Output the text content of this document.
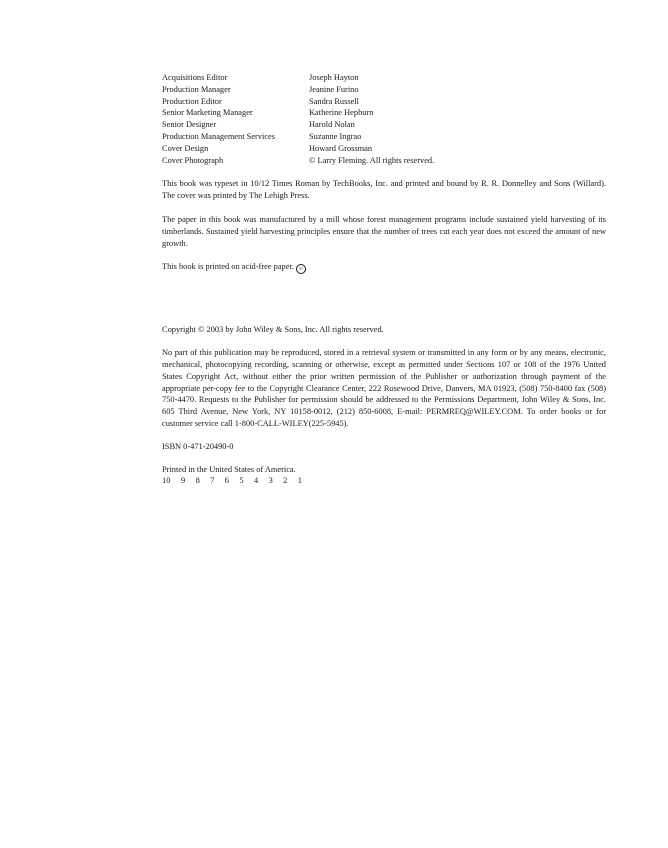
Acquisitions Editor	Joseph Hayton
Production Manager	Jeanine Furino
Production Editor	Sandra Russell
Senior Marketing Manager	Katherine Hepburn
Senior Designer	Harold Nolan
Production Management Services	Suzanne Ingrao
Cover Design	Howard Grossman
Cover Photograph	© Larry Fleming. All rights reserved.

This book was typeset in 10/12 Times Roman by TechBooks, Inc. and printed and bound by R. R. Donnelley and Sons (Willard). The cover was printed by The Lehigh Press.

The paper in this book was manufactured by a mill whose forest management programs include sustained yield harvesting of its timberlands. Sustained yield harvesting principles ensure that the number of trees cut each year does not exceed the amount of new growth.

This book is printed on acid-free paper. ∞

Copyright © 2003 by John Wiley & Sons, Inc. All rights reserved.

No part of this publication may be reproduced, stored in a retrieval system or transmitted in any form or by any means, electronic, mechanical, photocopying recording, scanning or otherwise, except as permitted under Sections 107 or 108 of the 1976 United States Copyright Act, without either the prior written permission of the Publisher or authorization through payment of the appropriate per-copy fee to the Copyright Clearance Center, 222 Rosewood Drive, Danvers, MA 01923, (508) 750-8400 fax (508) 750-4470. Requests to the Publisher for permission should be addressed to the Permissions Department, John Wiley & Sons, Inc. 605 Third Avenue, New York, NY 10158-0012, (212) 850-6008, E-mail: PERMREQ@WILEY.COM. To order books or for customer service call 1-800-CALL-WILEY(225-5945).

ISBN 0-471-20490-0

Printed in the United States of America.

10	9	8	7	6	5	4	3	2	1
